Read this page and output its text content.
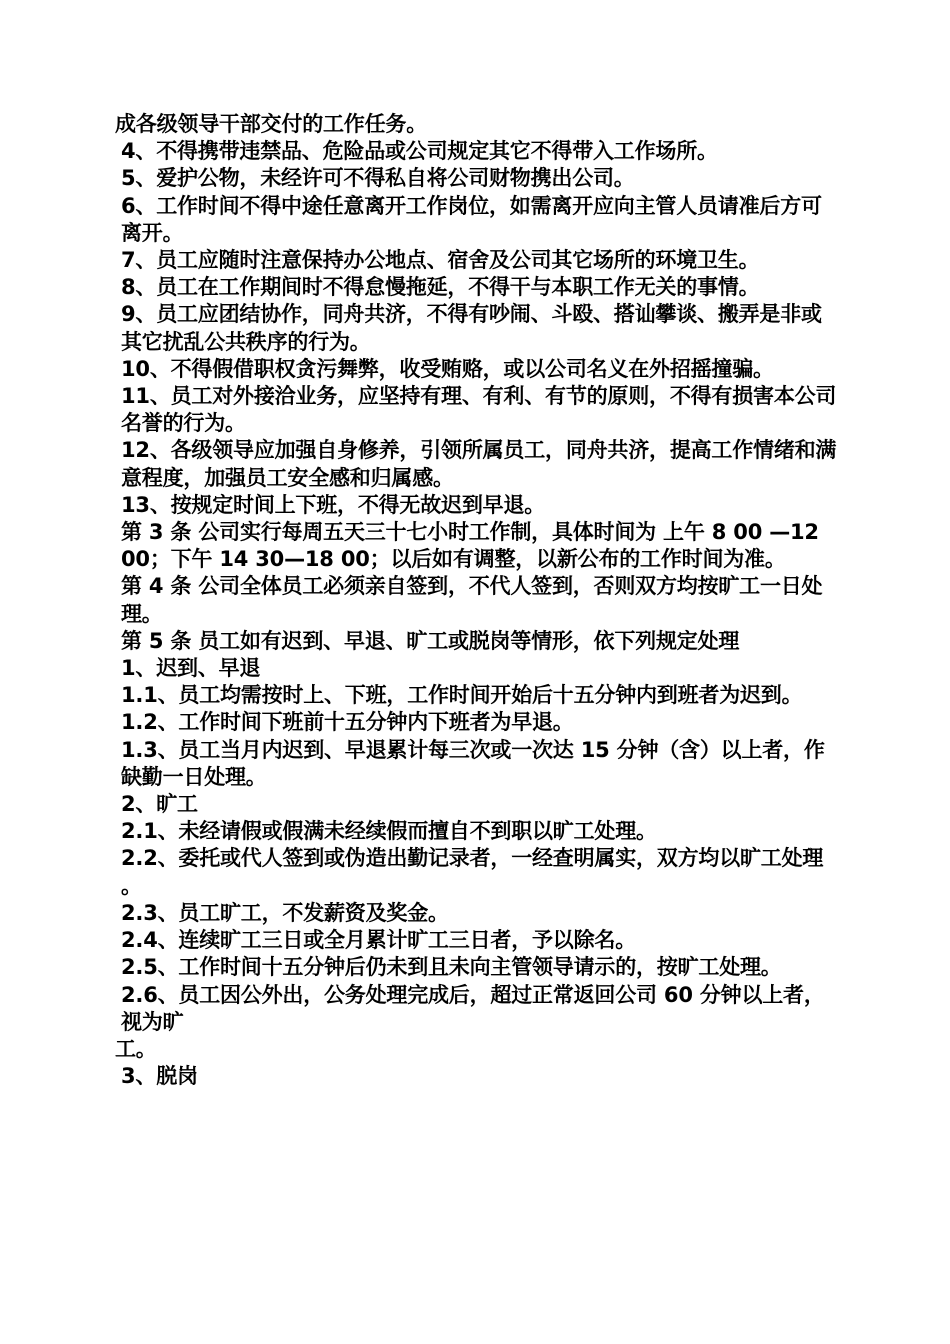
成各级领导干部交付的工作任务。

4、不得携带违禁品、危险品或公司规定其它不得带入工作场所。

5、爱护公物，未经许可不得私自将公司财物携出公司。

6、工作时间不得中途任意离开工作岗位，如需离开应向主管人员请准后方可离开。

7、员工应随时注意保持办公地点、宿舍及公司其它场所的环境卫生。

8、员工在工作期间时不得怠慢拖延，不得干与本职工作无关的事情。

9、员工应团结协作，同舟共济，不得有吵闹、斗殴、搭讪攀谈、搬弄是非或其它扰乱公共秩序的行为。

10、不得假借职权贪污舞弊，收受贿赂，或以公司名义在外招摇撞骗。

11、员工对外接洽业务，应坚持有理、有利、有节的原则，不得有损害本公司名誉的行为。

12、各级领导应加强自身修养，引领所属员工，同舟共济，提高工作情绪和满意程度，加强员工安全感和归属感。

13、按规定时间上下班，不得无故迟到早退。

第 3 条 公司实行每周五天三十七小时工作制，具体时间为 上午 8 00 —12 00；下午 14 30—18 00；以后如有调整，以新公布的工作时间为准。

第 4 条 公司全体员工必须亲自签到，不代人签到，否则双方均按旷工一日处理。

第 5 条 员工如有迟到、早退、旷工或脱岗等情形，依下列规定处理

1、迟到、早退

1.1、员工均需按时上、下班，工作时间开始后十五分钟内到班者为迟到。

1.2、工作时间下班前十五分钟内下班者为早退。

1.3、员工当月内迟到、早退累计每三次或一次达 15 分钟（含）以上者，作缺勤一日处理。

2、旷工

2.1、未经请假或假满未经续假而擅自不到职以旷工处理。

2.2、委托或代人签到或伪造出勤记录者，一经查明属实，双方均以旷工处理。

2.3、员工旷工，不发薪资及奖金。

2.4、连续旷工三日或全月累计旷工三日者，予以除名。

2.5、工作时间十五分钟后仍未到且未向主管领导请示的，按旷工处理。

2.6、员工因公外出，公务处理完成后，超过正常返回公司 60 分钟以上者，视为旷

工。

3、脱岗
